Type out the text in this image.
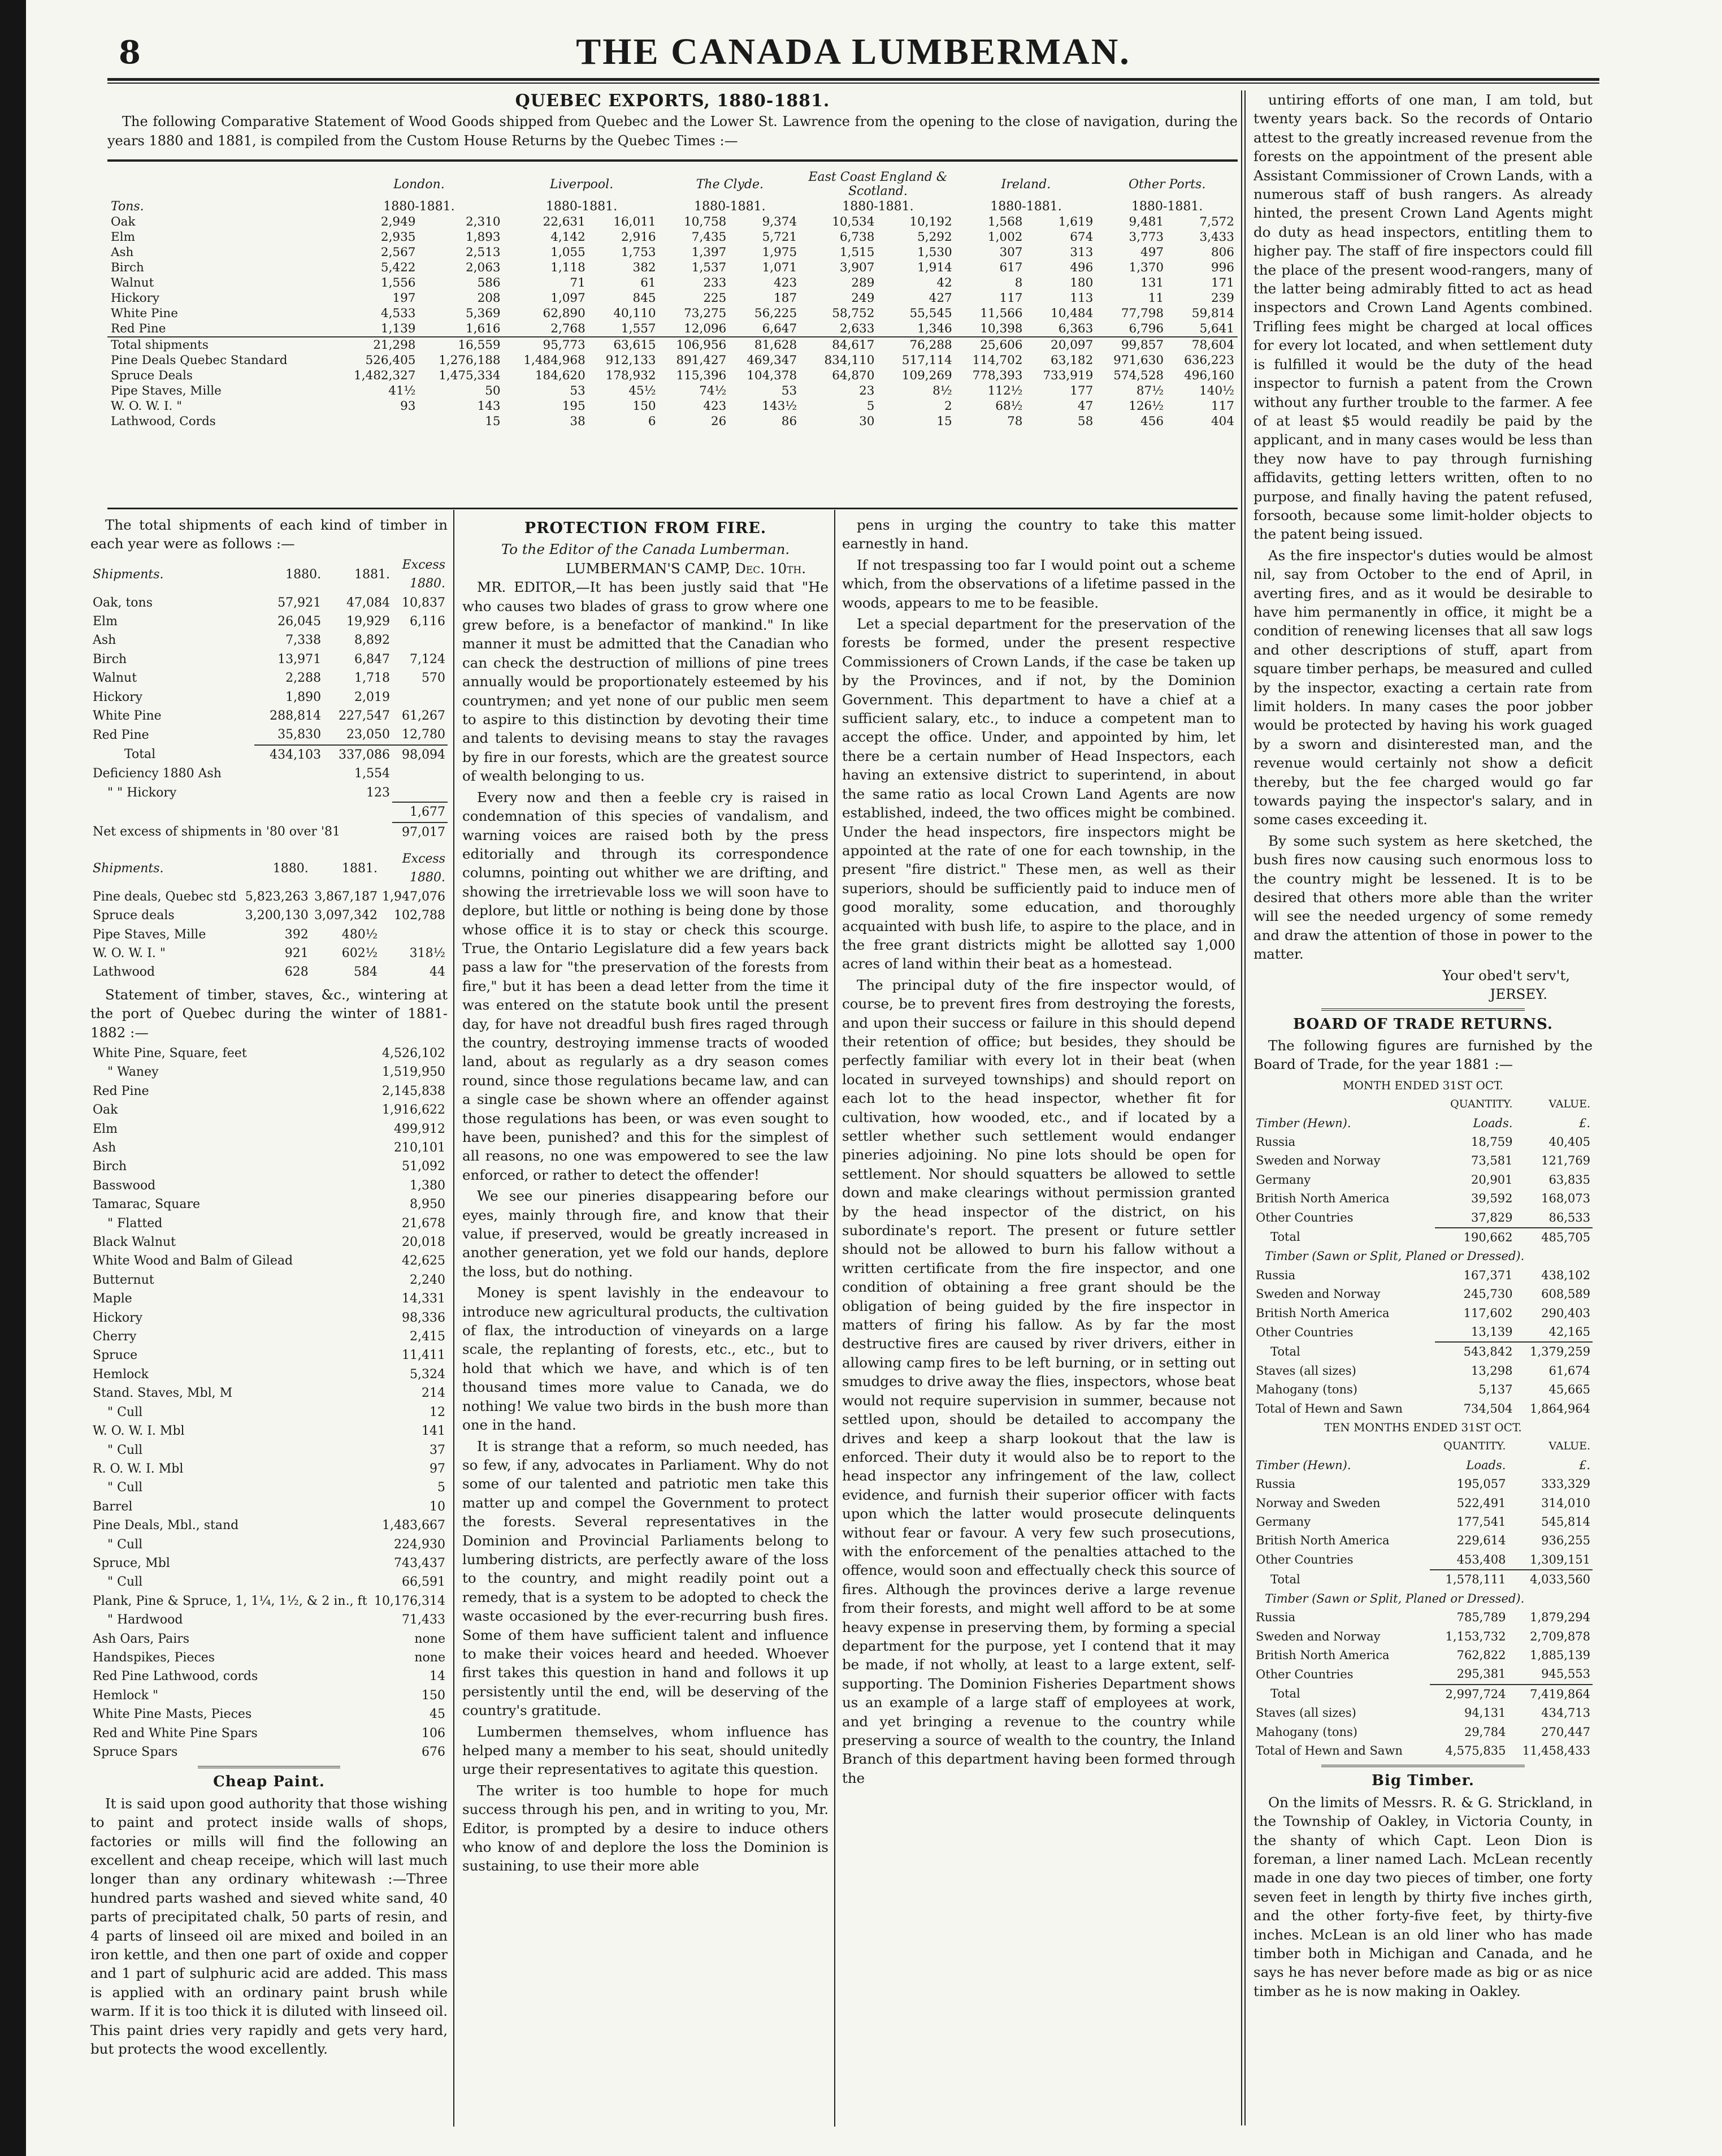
8	THE CANADA LUMBERMAN.
QUEBEC EXPORTS, 1880-1881.

The following Comparative Statement of Wood Goods shipped from Quebec and the Lower St. Lawrence from the opening to the close of navigation, during the years 1880 and 1881, is compiled from the Custom House Returns by the Quebec Times :—

	London.		Liverpool.		The Clyde.		East Coast England & Scotland.		Ireland.		Other Ports.	
Tons.	1880-1881.		1880-1881.		1880-1881.		1880-1881.		1880-1881.		1880-1881.	
Oak	2,949	2,310	22,631	16,011	10,758	9,374	10,534	10,192	1,568	1,619	9,481	7,572
Elm	2,935	1,893	4,142	2,916	7,435	5,721	6,738	5,292	1,002	674	3,773	3,433
Ash	2,567	2,513	1,055	1,753	1,397	1,975	1,515	1,530	307	313	497	806
Birch	5,422	2,063	1,118	382	1,537	1,071	3,907	1,914	617	496	1,370	996
Walnut	1,556	586	71	61	233	423	289	42	8	180	131	171
Hickory	197	208	1,097	845	225	187	249	427	117	113	11	239
White Pine	4,533	5,369	62,890	40,110	73,275	56,225	58,752	55,545	11,566	10,484	77,798	59,814
Red Pine	1,139	1,616	2,768	1,557	12,096	6,647	2,633	1,346	10,398	6,363	6,796	5,641
Total shipments	21,298	16,559	95,773	63,615	106,956	81,628	84,617	76,288	25,606	20,097	99,857	78,604
Pine Deals Quebec Standard	526,405	1,276,188	1,484,968	912,133	891,427	469,347	834,110	517,114	114,702	63,182	971,630	636,223
Spruce Deals	1,482,327	1,475,334	184,620	178,932	115,396	104,378	64,870	109,269	778,393	733,919	574,528	496,160
Pipe Staves, Mille	41½	50	53	45½	74½	53	23	8½	112½	177	87½	140½
W. O. W. I. "	93	143	195	150	423	143½	5	2	68½	47	126½	117
Lathwood, Cords		15	38	6	26	86	30	15	78	58	456	404

The total shipments of each kind of timber in each year were as follows :—

Shipments.	1880.	1881.	Excess 1880.
Oak, tons	57,921	47,084	10,837
Elm	26,045	19,929	6,116
Ash	7,338	8,892	
Birch	13,971	6,847	7,124
Walnut	2,288	1,718	570
Hickory	1,890	2,019	
White Pine	288,814	227,547	61,267
Red Pine	35,830	23,050	12,780
Total	434,103	337,086	98,094
Deficiency 1880 Ash		1,554	
" " Hickory		123	
			1,677
Net excess of shipments in '80 over '81			97,017
Shipments.	1880.	1881.	Excess 1880.
Pine deals, Quebec std	5,823,263	3,867,187	1,947,076
Spruce deals	3,200,130	3,097,342	102,788
Pipe Staves, Mille	392	480½	
W. O. W. I. "	921	602½	318½
Lathwood	628	584	44

Statement of timber, staves, &c., wintering at the port of Quebec during the winter of 1881-1882 :—

White Pine, Square, feet	4,526,102
" Waney	1,519,950
Red Pine	2,145,838
Oak	1,916,622
Elm	499,912
Ash	210,101
Birch	51,092
Basswood	1,380
Tamarac, Square	8,950
" Flatted	21,678
Black Walnut	20,018
White Wood and Balm of Gilead	42,625
Butternut	2,240
Maple	14,331
Hickory	98,336
Cherry	2,415
Spruce	11,411
Hemlock	5,324
Stand. Staves, Mbl, M	214
" Cull	12
W. O. W. I. Mbl	141
" Cull	37
R. O. W. I. Mbl	97
" Cull	5
Barrel	10
Pine Deals, Mbl., stand	1,483,667
" Cull	224,930
Spruce, Mbl	743,437
" Cull	66,591
Plank, Pine & Spruce, 1, 1¼, 1½, & 2 in., ft	10,176,314
" Hardwood	71,433
Ash Oars, Pairs	none
Handspikes, Pieces	none
Red Pine Lathwood, cords	14
Hemlock "	150
White Pine Masts, Pieces	45
Red and White Pine Spars	106
Spruce Spars	676
Cheap Paint.

It is said upon good authority that those wishing to paint and protect inside walls of shops, factories or mills will find the following an excellent and cheap receipe, which will last much longer than any ordinary whitewash :—Three hundred parts washed and sieved white sand, 40 parts of precipitated chalk, 50 parts of resin, and 4 parts of linseed oil are mixed and boiled in an iron kettle, and then one part of oxide and copper and 1 part of sulphuric acid are added. This mass is applied with an ordinary paint brush while warm. If it is too thick it is diluted with linseed oil. This paint dries very rapidly and gets very hard, but protects the wood excellently.

PROTECTION FROM FIRE.
To the Editor of the Canada Lumberman.
LUMBERMAN'S CAMP, Dec. 10th.

MR. EDITOR,—It has been justly said that "He who causes two blades of grass to grow where one grew before, is a benefactor of mankind." In like manner it must be admitted that the Canadian who can check the destruction of millions of pine trees annually would be proportionately esteemed by his countrymen; and yet none of our public men seem to aspire to this distinction by devoting their time and talents to devising means to stay the ravages by fire in our forests, which are the greatest source of wealth belonging to us.

Every now and then a feeble cry is raised in condemnation of this species of vandalism, and warning voices are raised both by the press editorially and through its correspondence columns, pointing out whither we are drifting, and showing the irretrievable loss we will soon have to deplore, but little or nothing is being done by those whose office it is to stay or check this scourge. True, the Ontario Legislature did a few years back pass a law for "the preservation of the forests from fire," but it has been a dead letter from the time it was entered on the statute book until the present day, for have not dreadful bush fires raged through the country, destroying immense tracts of wooded land, about as regularly as a dry season comes round, since those regulations became law, and can a single case be shown where an offender against those regulations has been, or was even sought to have been, punished? and this for the simplest of all reasons, no one was empowered to see the law enforced, or rather to detect the offender!

We see our pineries disappearing before our eyes, mainly through fire, and know that their value, if preserved, would be greatly increased in another generation, yet we fold our hands, deplore the loss, but do nothing.

Money is spent lavishly in the endeavour to introduce new agricultural products, the cultivation of flax, the introduction of vineyards on a large scale, the replanting of forests, etc., etc., but to hold that which we have, and which is of ten thousand times more value to Canada, we do nothing! We value two birds in the bush more than one in the hand.

It is strange that a reform, so much needed, has so few, if any, advocates in Parliament. Why do not some of our talented and patriotic men take this matter up and compel the Government to protect the forests. Several representatives in the Dominion and Provincial Parliaments belong to lumbering districts, are perfectly aware of the loss to the country, and might readily point out a remedy, that is a system to be adopted to check the waste occasioned by the ever-recurring bush fires. Some of them have sufficient talent and influence to make their voices heard and heeded. Whoever first takes this question in hand and follows it up persistently until the end, will be deserving of the country's gratitude.

Lumbermen themselves, whom influence has helped many a member to his seat, should unitedly urge their representatives to agitate this question.

The writer is too humble to hope for much success through his pen, and in writing to you, Mr. Editor, is prompted by a desire to induce others who know of and deplore the loss the Dominion is sustaining, to use their more able

pens in urging the country to take this matter earnestly in hand.

If not trespassing too far I would point out a scheme which, from the observations of a lifetime passed in the woods, appears to me to be feasible.

Let a special department for the preservation of the forests be formed, under the present respective Commissioners of Crown Lands, if the case be taken up by the Provinces, and if not, by the Dominion Government. This department to have a chief at a sufficient salary, etc., to induce a competent man to accept the office. Under, and appointed by him, let there be a certain number of Head Inspectors, each having an extensive district to superintend, in about the same ratio as local Crown Land Agents are now established, indeed, the two offices might be combined. Under the head inspectors, fire inspectors might be appointed at the rate of one for each township, in the present "fire district." These men, as well as their superiors, should be sufficiently paid to induce men of good morality, some education, and thoroughly acquainted with bush life, to aspire to the place, and in the free grant districts might be allotted say 1,000 acres of land within their beat as a homestead.

The principal duty of the fire inspector would, of course, be to prevent fires from destroying the forests, and upon their success or failure in this should depend their retention of office; but besides, they should be perfectly familiar with every lot in their beat (when located in surveyed townships) and should report on each lot to the head inspector, whether fit for cultivation, how wooded, etc., and if located by a settler whether such settlement would endanger pineries adjoining. No pine lots should be open for settlement. Nor should squatters be allowed to settle down and make clearings without permission granted by the head inspector of the district, on his subordinate's report. The present or future settler should not be allowed to burn his fallow without a written certificate from the fire inspector, and one condition of obtaining a free grant should be the obligation of being guided by the fire inspector in matters of firing his fallow. As by far the most destructive fires are caused by river drivers, either in allowing camp fires to be left burning, or in setting out smudges to drive away the flies, inspectors, whose beat would not require supervision in summer, because not settled upon, should be detailed to accompany the drives and keep a sharp lookout that the law is enforced. Their duty it would also be to report to the head inspector any infringement of the law, collect evidence, and furnish their superior officer with facts upon which the latter would prosecute delinquents without fear or favour. A very few such prosecutions, with the enforcement of the penalties attached to the offence, would soon and effectually check this source of fires. Although the provinces derive a large revenue from their forests, and might well afford to be at some heavy expense in preserving them, by forming a special department for the purpose, yet I contend that it may be made, if not wholly, at least to a large extent, self-supporting. The Dominion Fisheries Department shows us an example of a large staff of employees at work, and yet bringing a revenue to the country while preserving a source of wealth to the country, the Inland Branch of this department having been formed through the

untiring efforts of one man, I am told, but twenty years back. So the records of Ontario attest to the greatly increased revenue from the forests on the appointment of the present able Assistant Commissioner of Crown Lands, with a numerous staff of bush rangers. As already hinted, the present Crown Land Agents might do duty as head inspectors, entitling them to higher pay. The staff of fire inspectors could fill the place of the present wood-rangers, many of the latter being admirably fitted to act as head inspectors and Crown Land Agents combined. Trifling fees might be charged at local offices for every lot located, and when settlement duty is fulfilled it would be the duty of the head inspector to furnish a patent from the Crown without any further trouble to the farmer. A fee of at least $5 would readily be paid by the applicant, and in many cases would be less than they now have to pay through furnishing affidavits, getting letters written, often to no purpose, and finally having the patent refused, forsooth, because some limit-holder objects to the patent being issued.

As the fire inspector's duties would be almost nil, say from October to the end of April, in averting fires, and as it would be desirable to have him permanently in office, it might be a condition of renewing licenses that all saw logs and other descriptions of stuff, apart from square timber perhaps, be measured and culled by the inspector, exacting a certain rate from limit holders. In many cases the poor jobber would be protected by having his work guaged by a sworn and disinterested man, and the revenue would certainly not show a deficit thereby, but the fee charged would go far towards paying the inspector's salary, and in some cases exceeding it.

By some such system as here sketched, the bush fires now causing such enormous loss to the country might be lessened. It is to be desired that others more able than the writer will see the needed urgency of some remedy and draw the attention of those in power to the matter.

Your obed't serv't,
JERSEY.
BOARD OF TRADE RETURNS.

The following figures are furnished by the Board of Trade, for the year 1881 :—

MONTH ENDED 31ST OCT.
	QUANTITY.	VALUE.
Timber (Hewn).	Loads.	£.
Russia	18,759	40,405
Sweden and Norway	73,581	121,769
Germany	20,901	63,835
British North America	39,592	168,073
Other Countries	37,829	86,533
Total	190,662	485,705
Timber (Sawn or Split, Planed or Dressed).		
Russia	167,371	438,102
Sweden and Norway	245,730	608,589
British North America	117,602	290,403
Other Countries	13,139	42,165
Total	543,842	1,379,259
Staves (all sizes)	13,298	61,674
Mahogany (tons)	5,137	45,665
Total of Hewn and Sawn	734,504	1,864,964
TEN MONTHS ENDED 31ST OCT.
	QUANTITY.	VALUE.
Timber (Hewn).	Loads.	£.
Russia	195,057	333,329
Norway and Sweden	522,491	314,010
Germany	177,541	545,814
British North America	229,614	936,255
Other Countries	453,408	1,309,151
Total	1,578,111	4,033,560
Timber (Sawn or Split, Planed or Dressed).		
Russia	785,789	1,879,294
Sweden and Norway	1,153,732	2,709,878
British North America	762,822	1,885,139
Other Countries	295,381	945,553
Total	2,997,724	7,419,864
Staves (all sizes)	94,131	434,713
Mahogany (tons)	29,784	270,447
Total of Hewn and Sawn	4,575,835	11,458,433
Big Timber.

On the limits of Messrs. R. & G. Strickland, in the Township of Oakley, in Victoria County, in the shanty of which Capt. Leon Dion is foreman, a liner named Lach. McLean recently made in one day two pieces of timber, one forty seven feet in length by thirty five inches girth, and the other forty-five feet, by thirty-five inches. McLean is an old liner who has made timber both in Michigan and Canada, and he says he has never before made as big or as nice timber as he is now making in Oakley.
